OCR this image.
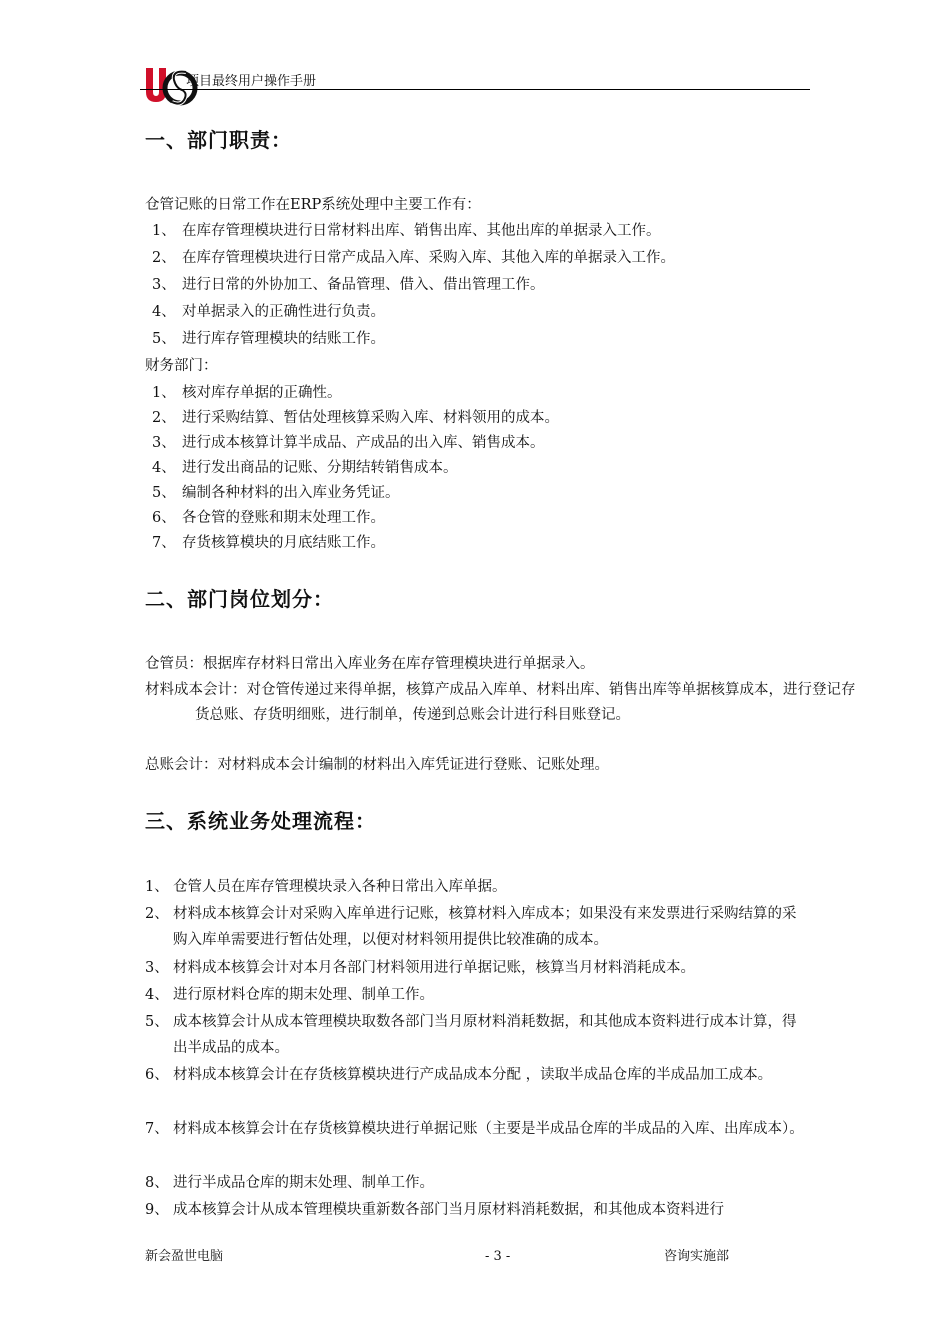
项目最终用户操作手册
一、部门职责：
仓管记账的日常工作在ERP系统处理中主要工作有：
1、 在库存管理模块进行日常材料出库、销售出库、其他出库的单据录入工作。
2、 在库存管理模块进行日常产成品入库、采购入库、其他入库的单据录入工作。
3、 进行日常的外协加工、备品管理、借入、借出管理工作。
4、 对单据录入的正确性进行负责。
5、 进行库存管理模块的结账工作。
财务部门：
1、 核对库存单据的正确性。
2、 进行采购结算、暂估处理核算采购入库、材料领用的成本。
3、 进行成本核算计算半成品、产成品的出入库、销售成本。
4、 进行发出商品的记账、分期结转销售成本。
5、 编制各种材料的出入库业务凭证。
6、 各仓管的登账和期末处理工作。
7、 存货核算模块的月底结账工作。
二、部门岗位划分：
仓管员：根据库存材料日常出入库业务在库存管理模块进行单据录入。
材料成本会计：对仓管传递过来得单据，核算产成品入库单、材料出库、销售出库等单据核算成本，进行登记存货总账、存货明细账，进行制单，传递到总账会计进行科目账登记。
总账会计：对材料成本会计编制的材料出入库凭证进行登账、记账处理。
三、系统业务处理流程：
1、 仓管人员在库存管理模块录入各种日常出入库单据。
2、 材料成本核算会计对采购入库单进行记账，核算材料入库成本；如果没有来发票进行采购结算的采购入库单需要进行暂估处理，以便对材料领用提供比较准确的成本。
3、 材料成本核算会计对本月各部门材料领用进行单据记账，核算当月材料消耗成本。
4、 进行原材料仓库的期末处理、制单工作。
5、 成本核算会计从成本管理模块取数各部门当月原材料消耗数据，和其他成本资料进行成本计算，得出半成品的成本。
6、 材料成本核算会计在存货核算模块进行产成品成本分配 ，读取半成品仓库的半成品加工成本。
7、 材料成本核算会计在存货核算模块进行单据记账（主要是半成品仓库的半成品的入库、出库成本）。
8、 进行半成品仓库的期末处理、制单工作。
9、 成本核算会计从成本管理模块重新数各部门当月原材料消耗数据，和其他成本资料进行
新会盈世电脑	- 3 -	咨询实施部
